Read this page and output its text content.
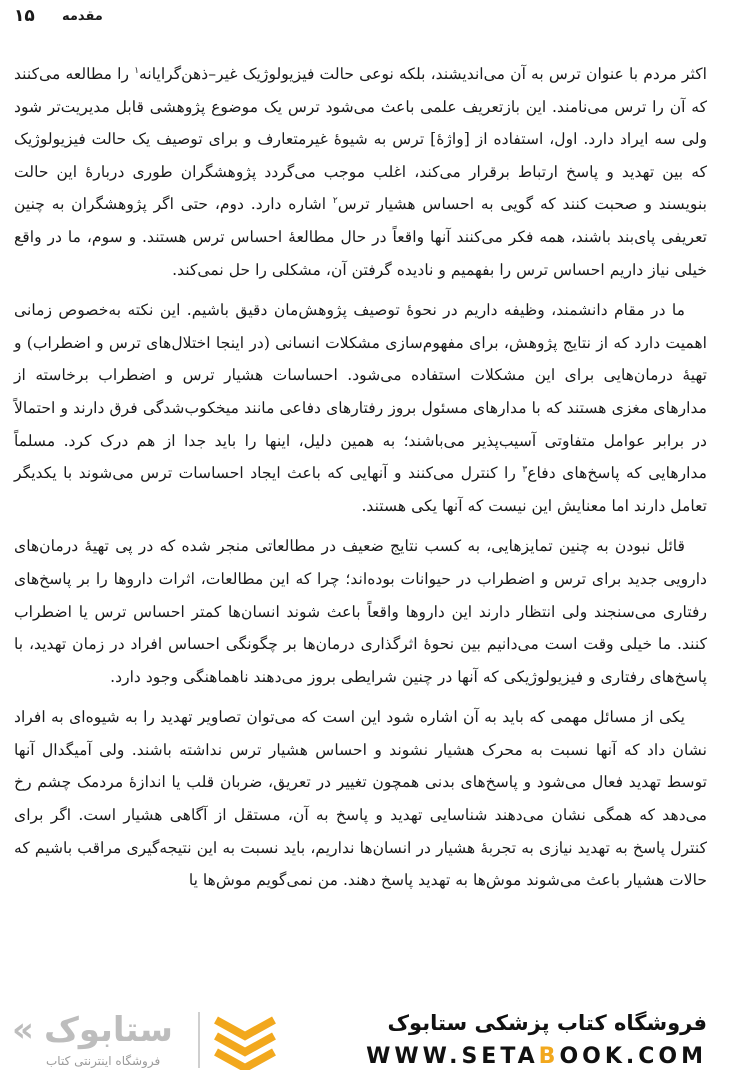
۱۵ مقدمه

اکثر مردم با عنوان ترس به آن می‌اندیشند، بلکه نوعی حالت فیزیولوژیک غیر–ذهن‌گرایانه$^۱$ را مطالعه می‌کنند که آن را ترس می‌نامند. این بازتعریف علمی باعث می‌شود ترس یک موضوع پژوهشی قابل مدیریت‌تر شود ولی سه ایراد دارد. اول، استفاده از [واژهٔ] ترس به شیوهٔ غیرمتعارف و برای توصیف یک حالت فیزیولوژیک که بین تهدید و پاسخ ارتباط برقرار می‌کند، اغلب موجب می‌گردد پژوهشگران طوری دربارهٔ این حالت بنویسند و صحبت کنند که گویی به احساس هشیار ترس$^۲$ اشاره دارد. دوم، حتی اگر پژوهشگران به چنین تعریفی پای‌بند باشند، همه فکر می‌کنند آنها واقعاً در حال مطالعهٔ احساس ترس هستند. و سوم، ما در واقع خیلی نیاز داریم احساس ترس را بفهمیم و نادیده گرفتن آن، مشکلی را حل نمی‌کند.

ما در مقام دانشمند، وظیفه داریم در نحوهٔ توصیف پژوهش‌مان دقیق باشیم. این نکته به‌خصوص زمانی اهمیت دارد که از نتایج پژوهش، برای مفهوم‌سازی مشکلات انسانی (در اینجا اختلال‌های ترس و اضطراب) و تهیهٔ درمان‌هایی برای این مشکلات استفاده می‌شود. احساسات هشیار ترس و اضطراب برخاسته از مدارهای مغزی هستند که با مدارهای مسئول بروز رفتارهای دفاعی مانند میخکوب‌شدگی فرق دارند و احتمالاً در برابر عوامل متفاوتی آسیب‌پذیر می‌باشند؛ به همین دلیل، اینها را باید جدا از هم درک کرد. مسلماً مدارهایی که پاسخ‌های دفاع$^۳$ را کنترل می‌کنند و آنهایی که باعث ایجاد احساسات ترس می‌شوند با یکدیگر تعامل دارند اما معنایش این نیست که آنها یکی هستند.

قائل نبودن به چنین تمایزهایی، به کسب نتایج ضعیف در مطالعاتی منجر شده که در پی تهیهٔ درمان‌های دارویی جدید برای ترس و اضطراب در حیوانات بوده‌اند؛ چرا که این مطالعات، اثرات داروها را بر پاسخ‌های رفتاری می‌سنجند ولی انتظار دارند این داروها واقعاً باعث شوند انسان‌ها کمتر احساس ترس یا اضطراب کنند. ما خیلی وقت است می‌دانیم بین نحوهٔ اثرگذاری درمان‌ها بر چگونگی احساس افراد در زمان تهدید، با پاسخ‌های رفتاری و فیزیولوژیکی که آنها در چنین شرایطی بروز می‌دهند ناهماهنگی وجود دارد.

یکی از مسائل مهمی که باید به آن اشاره شود این است که می‌توان تصاویر تهدید را به شیوه‌ای به افراد نشان داد که آنها نسبت به محرک هشیار نشوند و احساس هشیار ترس نداشته باشند. ولی آمیگدال آنها توسط تهدید فعال می‌شود و پاسخ‌های بدنی همچون تغییر در تعریق، ضربان قلب یا اندازهٔ مردمک چشم رخ می‌دهد که همگی نشان می‌دهند شناسایی تهدید و پاسخ به آن، مستقل از آگاهی هشیار است. اگر برای کنترل پاسخ به تهدید نیازی به تجربهٔ هشیار در انسان‌ها نداریم، باید نسبت به این نتیجه‌گیری مراقب باشیم که حالات هشیار باعث می‌شوند موش‌ها به تهدید پاسخ دهند. من نمی‌گویم موش‌ها یا

« ستابوک
فروشگاه اینترنتی کتاب
فروشگاه کتاب پزشکی ستابوک
WWW.SETABOOK.COM
